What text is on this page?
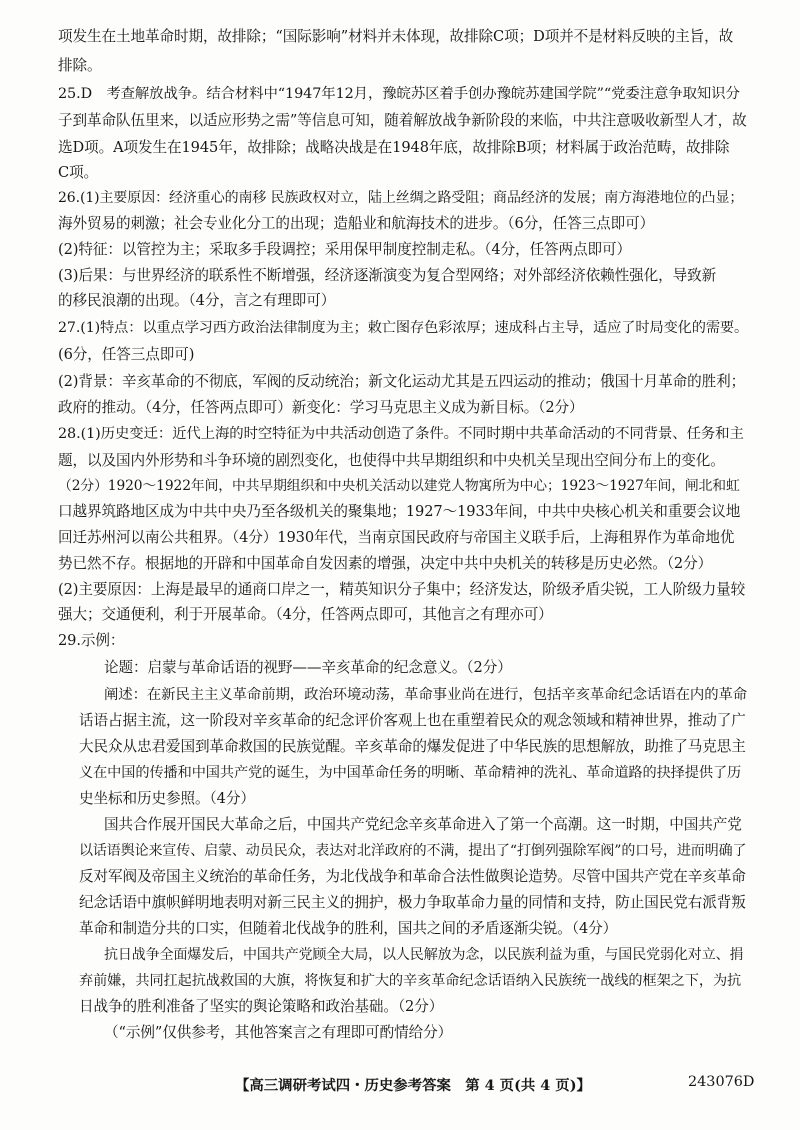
项发生在土地革命时期，故排除；“国际影响”材料并未体现，故排除C项；D项并不是材料反映的主旨，故

排除。

25.D　考查解放战争。结合材料中“1947年12月，豫皖苏区着手创办豫皖苏建国学院”“党委注意争取知识分

子到革命队伍里来，以适应形势之需”等信息可知，随着解放战争新阶段的来临，中共注意吸收新型人才，故

选D项。A项发生在1945年，故排除；战略决战是在1948年底，故排除B项；材料属于政治范畴，故排除

C项。

26.(1)主要原因：经济重心的南移 民族政权对立，陆上丝绸之路受阻；商品经济的发展；南方海港地位的凸显；

海外贸易的刺激；社会专业化分工的出现；造船业和航海技术的进步。（6分，任答三点即可）

(2)特征：以管控为主；采取多手段调控；采用保甲制度控制走私。（4分，任答两点即可）

(3)后果：与世界经济的联系性不断增强，经济逐渐演变为复合型网络；对外部经济依赖性强化，导致新

的移民浪潮的出现。（4分，言之有理即可）

27.(1)特点：以重点学习西方政治法律制度为主；敕亡图存色彩浓厚；速成科占主导，适应了时局变化的需要。

(6分，任答三点即可)

(2)背景：辛亥革命的不彻底，军阀的反动统治；新文化运动尤其是五四运动的推动；俄国十月革命的胜利；

政府的推动。（4分，任答两点即可）新变化：学习马克思主义成为新目标。（2分）

28.(1)历史变迁：近代上海的时空特征为中共活动创造了条件。不同时期中共革命活动的不同背景、任务和主

题，以及国内外形势和斗争环境的剧烈变化，也使得中共早期组织和中央机关呈现出空间分布上的变化。

（2分）1920～1922年间，中共早期组织和中央机关活动以建党人物寓所为中心；1923～1927年间，闸北和虹

口越界筑路地区成为中共中央乃至各级机关的聚集地；1927～1933年间，中共中央核心机关和重要会议地

回迁苏州河以南公共租界。（4分）1930年代，当南京国民政府与帝国主义联手后，上海租界作为革命地优

势已然不存。根据地的开辟和中国革命自发因素的增强，决定中共中央机关的转移是历史必然。（2分）

(2)主要原因：上海是最早的通商口岸之一，精英知识分子集中；经济发达，阶级矛盾尖锐，工人阶级力量较

强大；交通便利，利于开展革命。（4分，任答两点即可，其他言之有理亦可）

29.示例：

论题：启蒙与革命话语的视野——辛亥革命的纪念意义。（2分）

阐述：在新民主主义革命前期，政治环境动荡，革命事业尚在进行，包括辛亥革命纪念话语在内的革命

话语占据主流，这一阶段对辛亥革命的纪念评价客观上也在重塑着民众的观念领域和精神世界，推动了广

大民众从忠君爱国到革命救国的民族觉醒。辛亥革命的爆发促进了中华民族的思想解放，助推了马克思主

义在中国的传播和中国共产党的诞生，为中国革命任务的明晰、革命精神的洗礼、革命道路的抉择提供了历

史坐标和历史参照。（4分）

国共合作展开国民大革命之后，中国共产党纪念辛亥革命进入了第一个高潮。这一时期，中国共产党

以话语舆论来宣传、启蒙、动员民众，表达对北洋政府的不满，提出了“打倒列强除军阀”的口号，进而明确了

反对军阀及帝国主义统治的革命任务，为北伐战争和革命合法性做舆论造势。尽管中国共产党在辛亥革命

纪念话语中旗帜鲜明地表明对新三民主义的拥护，极力争取革命力量的同情和支持，防止国民党右派背叛

革命和制造分共的口实，但随着北伐战争的胜利，国共之间的矛盾逐渐尖锐。（4分）

抗日战争全面爆发后，中国共产党顾全大局，以人民解放为念，以民族利益为重，与国民党弱化对立、捐

弃前嫌，共同扛起抗战救国的大旗，将恢复和扩大的辛亥革命纪念话语纳入民族统一战线的框架之下，为抗

日战争的胜利准备了坚实的舆论策略和政治基础。（2分）

（“示例”仅供参考，其他答案言之有理即可酌情给分）

【高三调研考试四・历史参考答案　第 4 页(共 4 页)】	243076D
